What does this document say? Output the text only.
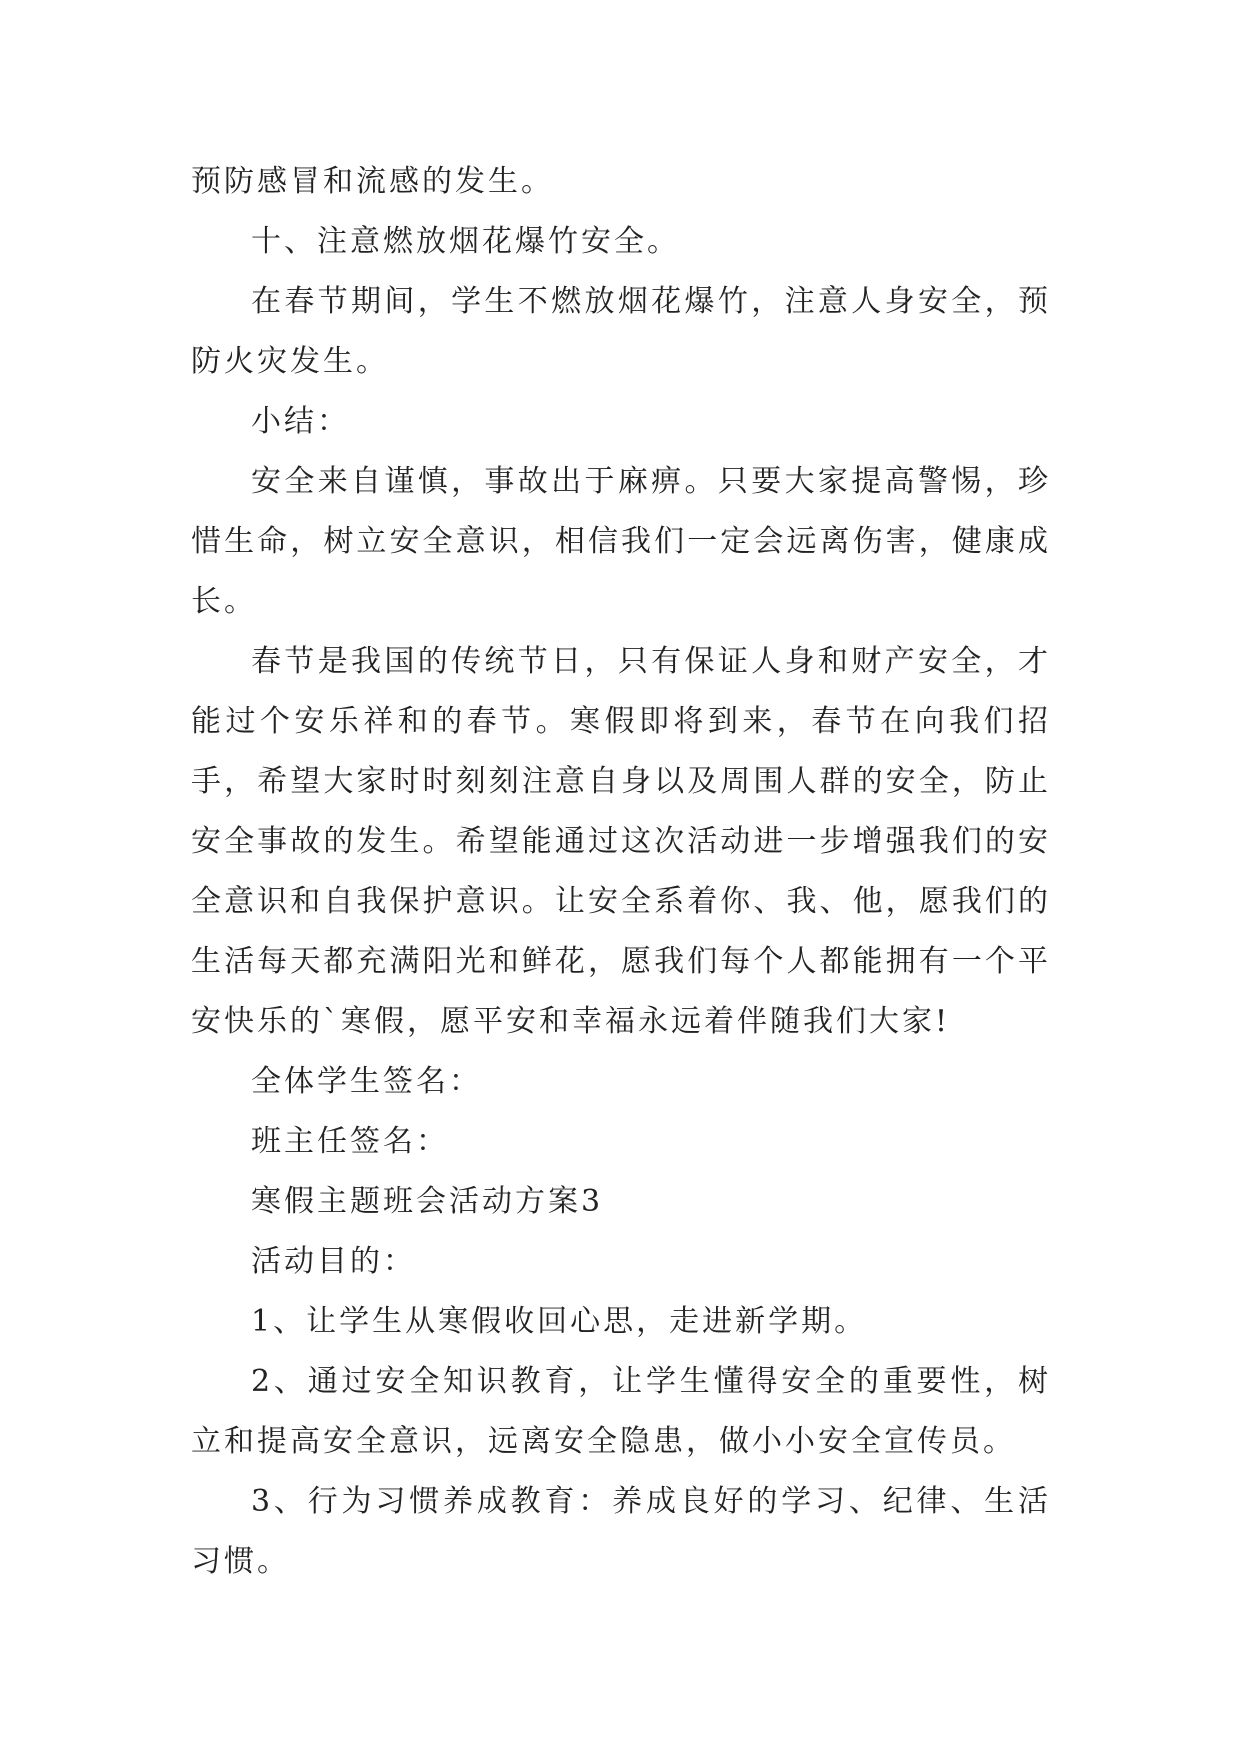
预防感冒和流感的发生。

十、注意燃放烟花爆竹安全。

在春节期间，学生不燃放烟花爆竹，注意人身安全，预防火灾发生。

小结：

安全来自谨慎，事故出于麻痹。只要大家提高警惕，珍惜生命，树立安全意识，相信我们一定会远离伤害，健康成长。

春节是我国的传统节日，只有保证人身和财产安全，才能过个安乐祥和的春节。寒假即将到来，春节在向我们招手，希望大家时时刻刻注意自身以及周围人群的安全，防止安全事故的发生。希望能通过这次活动进一步增强我们的安全意识和自我保护意识。让安全系着你、我、他，愿我们的生活每天都充满阳光和鲜花，愿我们每个人都能拥有一个平安快乐的`寒假，愿平安和幸福永远着伴随我们大家!

全体学生签名：

班主任签名：

寒假主题班会活动方案3

活动目的：

1、让学生从寒假收回心思，走进新学期。

2、通过安全知识教育，让学生懂得安全的重要性，树立和提高安全意识，远离安全隐患，做小小安全宣传员。

3、行为习惯养成教育：养成良好的学习、纪律、生活习惯。
